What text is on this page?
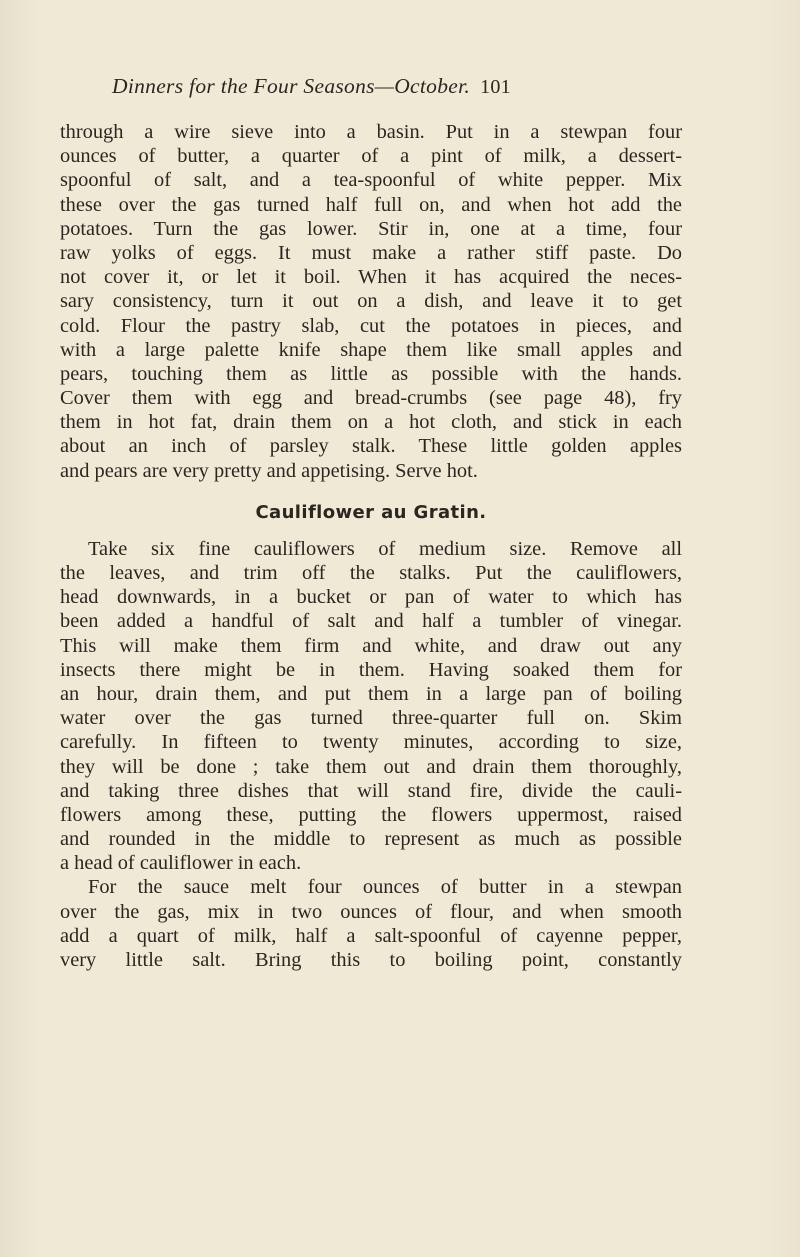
Dinners for the Four Seasons—October. 101

through a wire sieve into a basin. Put in a stewpan four
ounces of butter, a quarter of a pint of milk, a dessert-
spoonful of salt, and a tea-spoonful of white pepper. Mix
these over the gas turned half full on, and when hot add the
potatoes. Turn the gas lower. Stir in, one at a time, four
raw yolks of eggs. It must make a rather stiff paste. Do
not cover it, or let it boil. When it has acquired the neces-
sary consistency, turn it out on a dish, and leave it to get
cold. Flour the pastry slab, cut the potatoes in pieces, and
with a large palette knife shape them like small apples and
pears, touching them as little as possible with the hands.
Cover them with egg and bread-crumbs (see page 48), fry
them in hot fat, drain them on a hot cloth, and stick in each
about an inch of parsley stalk. These little golden apples
and pears are very pretty and appetising. Serve hot.

Cauliflower au Gratin.

Take six fine cauliflowers of medium size. Remove all
the leaves, and trim off the stalks. Put the cauliflowers,
head downwards, in a bucket or pan of water to which has
been added a handful of salt and half a tumbler of vinegar.
This will make them firm and white, and draw out any
insects there might be in them. Having soaked them for
an hour, drain them, and put them in a large pan of boiling
water over the gas turned three-quarter full on. Skim
carefully. In fifteen to twenty minutes, according to size,
they will be done ; take them out and drain them thoroughly,
and taking three dishes that will stand fire, divide the cauli-
flowers among these, putting the flowers uppermost, raised
and rounded in the middle to represent as much as possible
a head of cauliflower in each.

For the sauce melt four ounces of butter in a stewpan
over the gas, mix in two ounces of flour, and when smooth
add a quart of milk, half a salt-spoonful of cayenne pepper,
very little salt. Bring this to boiling point, constantly
